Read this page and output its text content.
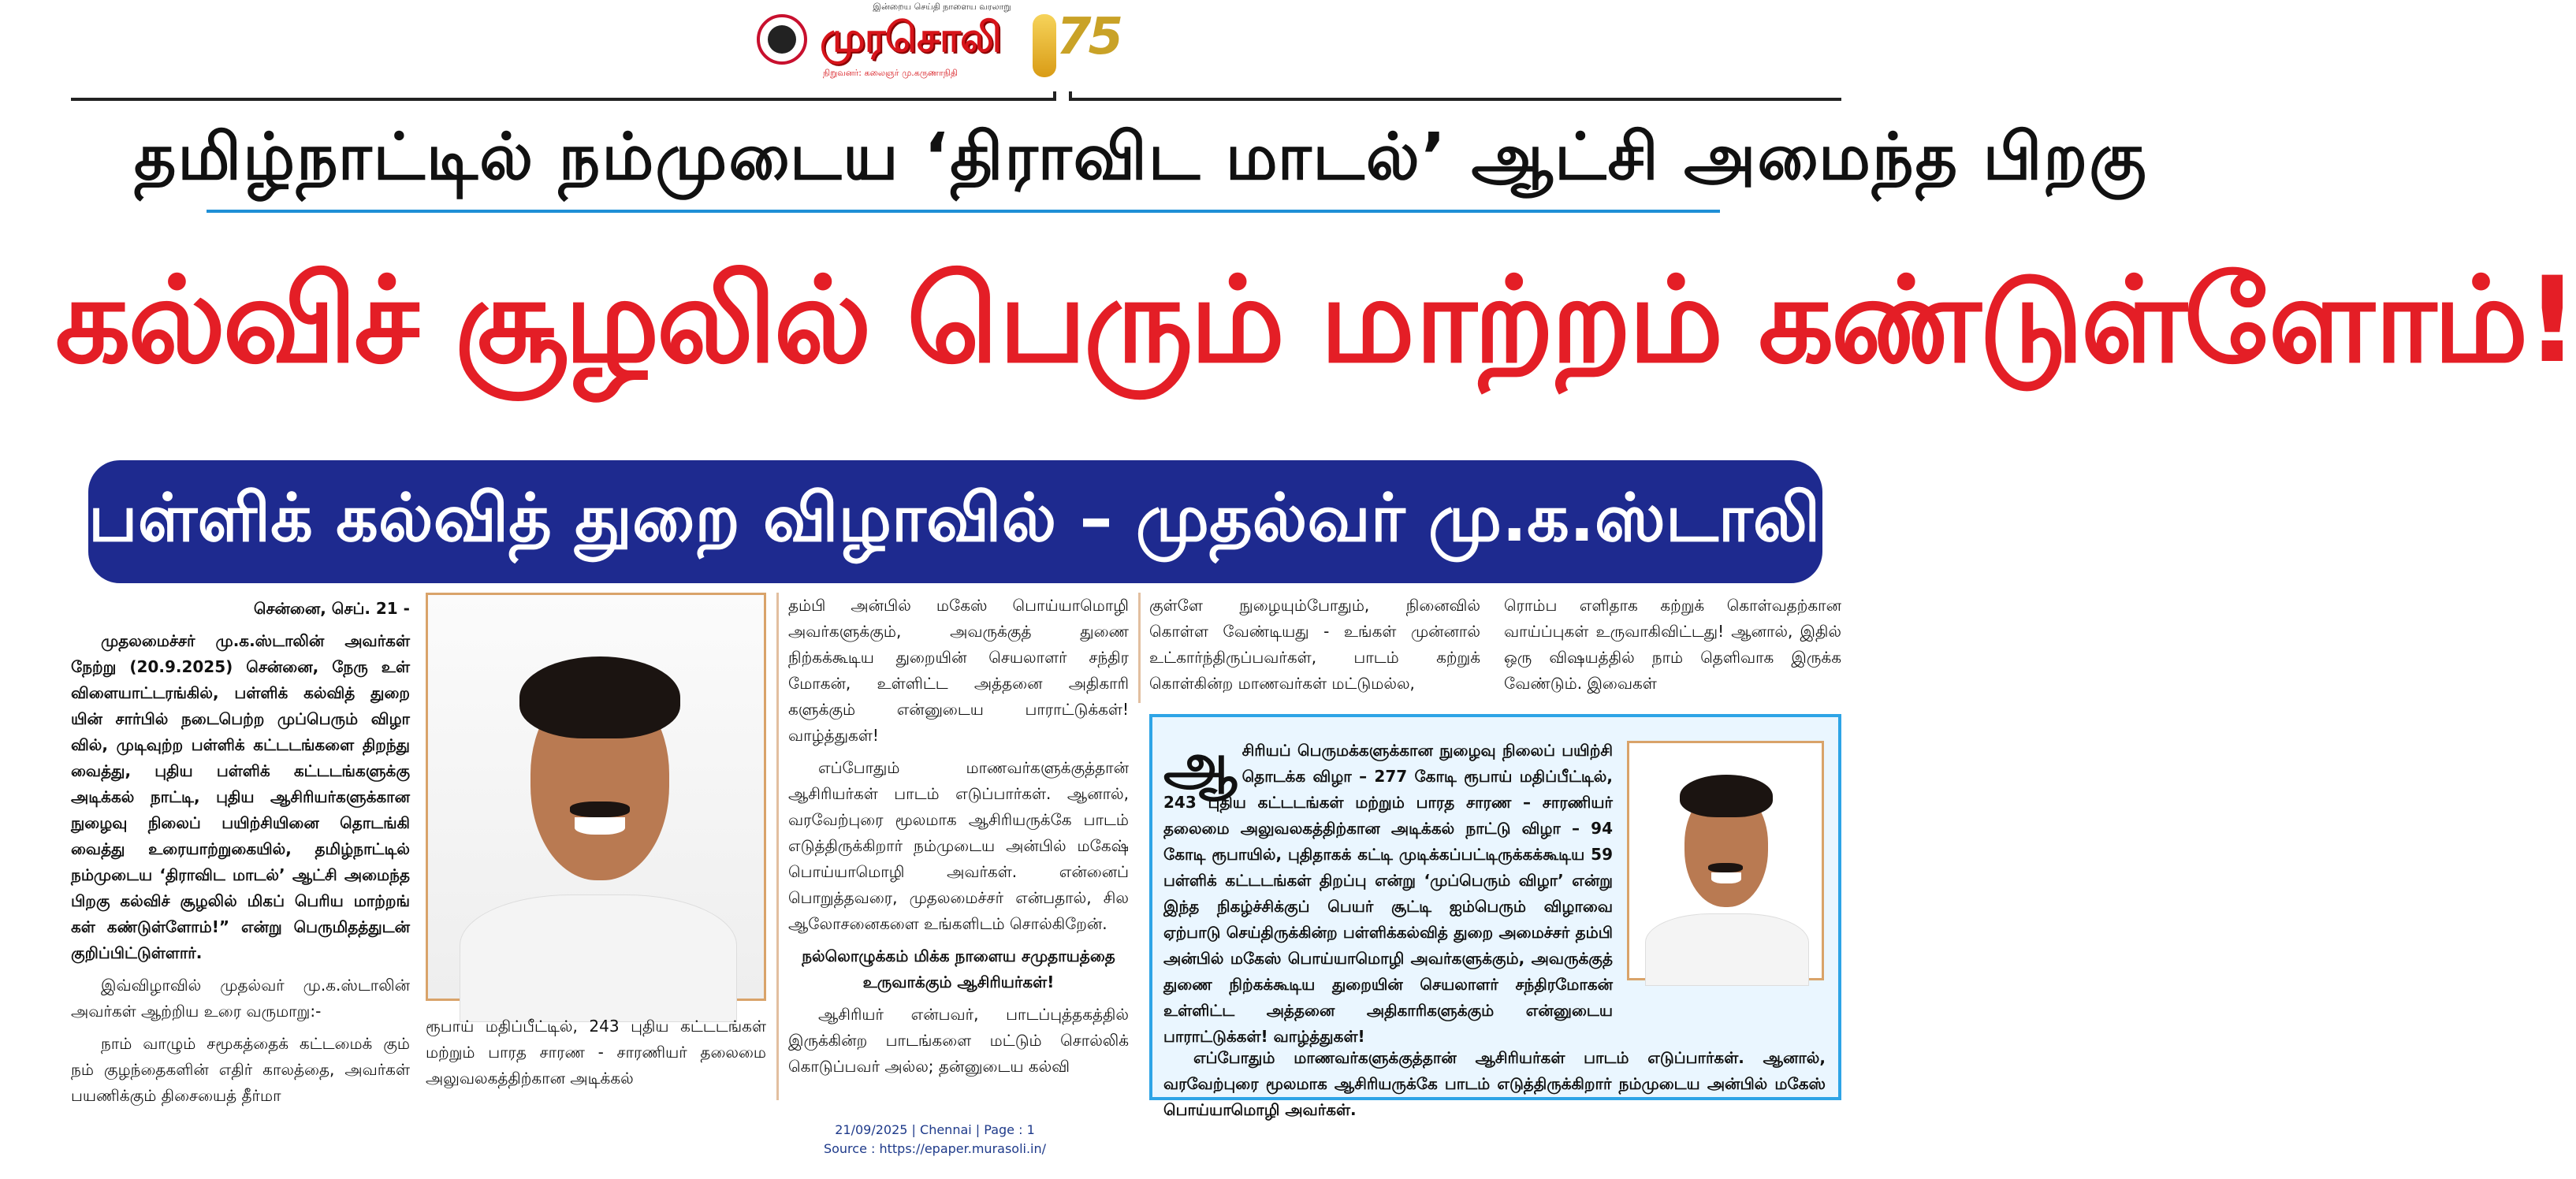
இன்றைய செய்தி நாளைய வரலாறு
முரசொலி
நிறுவனர்: கலைஞர் மு.கருணாநிதி
75
தமிழ்நாட்டில் நம்முடைய ‘திராவிட மாடல்’ ஆட்சி அமைந்த பிறகு
கல்விச் சூழலில் பெரும் மாற்றம் கண்டுள்ளோம்!
பள்ளிக் கல்வித் துறை விழாவில் – முதல்வர் மு.க.ஸ்டாலின் பெருமிதம்!

சென்னை, செப். 21 -

முதலமைச்சர் மு.க.ஸ்டாலின் அவர்கள் நேற்று (20.9.2025) சென்னை, நேரு உள் விளையாட்டரங்கில், பள்ளிக் கல்வித் துறை யின் சார்பில் நடைபெற்ற முப்பெரும் விழா வில், முடிவுற்ற பள்ளிக் கட்டடங்களை திறந்து வைத்து, புதிய பள்ளிக் கட்டடங்களுக்கு அடிக்கல் நாட்டி, புதிய ஆசிரியர்களுக்கான நுழைவு நிலைப் பயிற்சியினை தொடங்கி வைத்து உரையாற்றுகையில், தமிழ்நாட்டில் நம்முடைய ‘திராவிட மாடல்’ ஆட்சி அமைந்த பிறகு கல்விச் சூழலில் மிகப் பெரிய மாற்றங் கள் கண்டுள்ளோம்!” என்று பெருமிதத்துடன் குறிப்பிட்டுள்ளார்.

இவ்விழாவில் முதல்வர் மு.க.ஸ்டாலின் அவர்கள் ஆற்றிய உரை வருமாறு:-

நாம் வாழும் சமூகத்தைக் கட்டமைக் கும் நம் குழந்தைகளின் எதிர் காலத்தை, அவர்கள் பயணிக்கும் திசையைத் தீர்மா

ரூபாய் மதிப்பீட்டில், 243 புதிய கட்டடங்கள் மற்றும் பாரத சாரண - சாரணியர் தலைமை அலுவலகத்திற்கான அடிக்கல்

தம்பி அன்பில் மகேஸ் பொய்யாமொழி அவர்களுக்கும், அவருக்குத் துணை நிற்கக்கூடிய துறையின் செயலாளர் சந்திர மோகன், உள்ளிட்ட அத்தனை அதிகாரி களுக்கும் என்னுடைய பாராட்டுக்கள்! வாழ்த்துகள்!

எப்போதும் மாணவர்களுக்குத்தான் ஆசிரியர்கள் பாடம் எடுப்பார்கள். ஆனால், வரவேற்புரை மூலமாக ஆசிரியருக்கே பாடம் எடுத்திருக்கிறார் நம்முடைய அன்பில் மகேஷ் பொய்யாமொழி அவர்கள். என்னைப் பொறுத்தவரை, முதலமைச்சர் என்பதால், சில ஆலோசனைகளை உங்களிடம் சொல்கிறேன்.

நல்லொழுக்கம் மிக்க நாளைய சமுதாயத்தை உருவாக்கும் ஆசிரியர்கள்!

ஆசிரியர் என்பவர், பாடப்புத்தகத்தில் இருக்கின்ற பாடங்களை மட்டும் சொல்லிக் கொடுப்பவர் அல்ல; தன்னுடைய கல்வி

குள்ளே நுழையும்போதும், நினைவில் கொள்ள வேண்டியது - உங்கள் முன்னால் உட்கார்ந்திருப்பவர்கள், பாடம் கற்றுக் கொள்கின்ற மாணவர்கள் மட்டுமல்ல,

ரொம்ப எளிதாக கற்றுக் கொள்வதற்கான வாய்ப்புகள் உருவாகிவிட்டது! ஆனால், இதில் ஒரு விஷயத்தில் நாம் தெளிவாக இருக்க வேண்டும். இவைகள்

ஆசிரியப் பெருமக்களுக்கான நுழைவு நிலைப் பயிற்சி தொடக்க விழா – 277 கோடி ரூபாய் மதிப்பீட்டில், 243 புதிய கட்டடங்கள் மற்றும் பாரத சாரண – சாரணியர் தலைமை அலுவலகத்திற்கான அடிக்கல் நாட்டு விழா – 94 கோடி ரூபாயில், புதிதாகக் கட்டி முடிக்கப்பட்டிருக்கக்கூடிய 59 பள்ளிக் கட்டடங்கள் திறப்பு என்று ‘முப்பெரும் விழா’ என்று இந்த நிகழ்ச்சிக்குப் பெயர் சூட்டி ஐம்பெரும் விழாவை ஏற்பாடு செய்திருக்கின்ற பள்ளிக்கல்வித் துறை அமைச்சர் தம்பி அன்பில் மகேஸ் பொய்யாமொழி அவர்களுக்கும், அவருக்குத் துணை நிற்கக்கூடிய துறையின் செயலாளர் சந்திரமோகன் உள்ளிட்ட அத்தனை அதிகாரிகளுக்கும் என்னுடைய பாராட்டுக்கள்! வாழ்த்துகள்!

எப்போதும் மாணவர்களுக்குத்தான் ஆசிரியர்கள் பாடம் எடுப்பார்கள். ஆனால், வரவேற்புரை மூலமாக ஆசிரியருக்கே பாடம் எடுத்திருக்கிறார் நம்முடைய அன்பில் மகேஸ் பொய்யாமொழி அவர்கள்.

21/09/2025 | Chennai | Page : 1
Source : https://epaper.murasoli.in/
